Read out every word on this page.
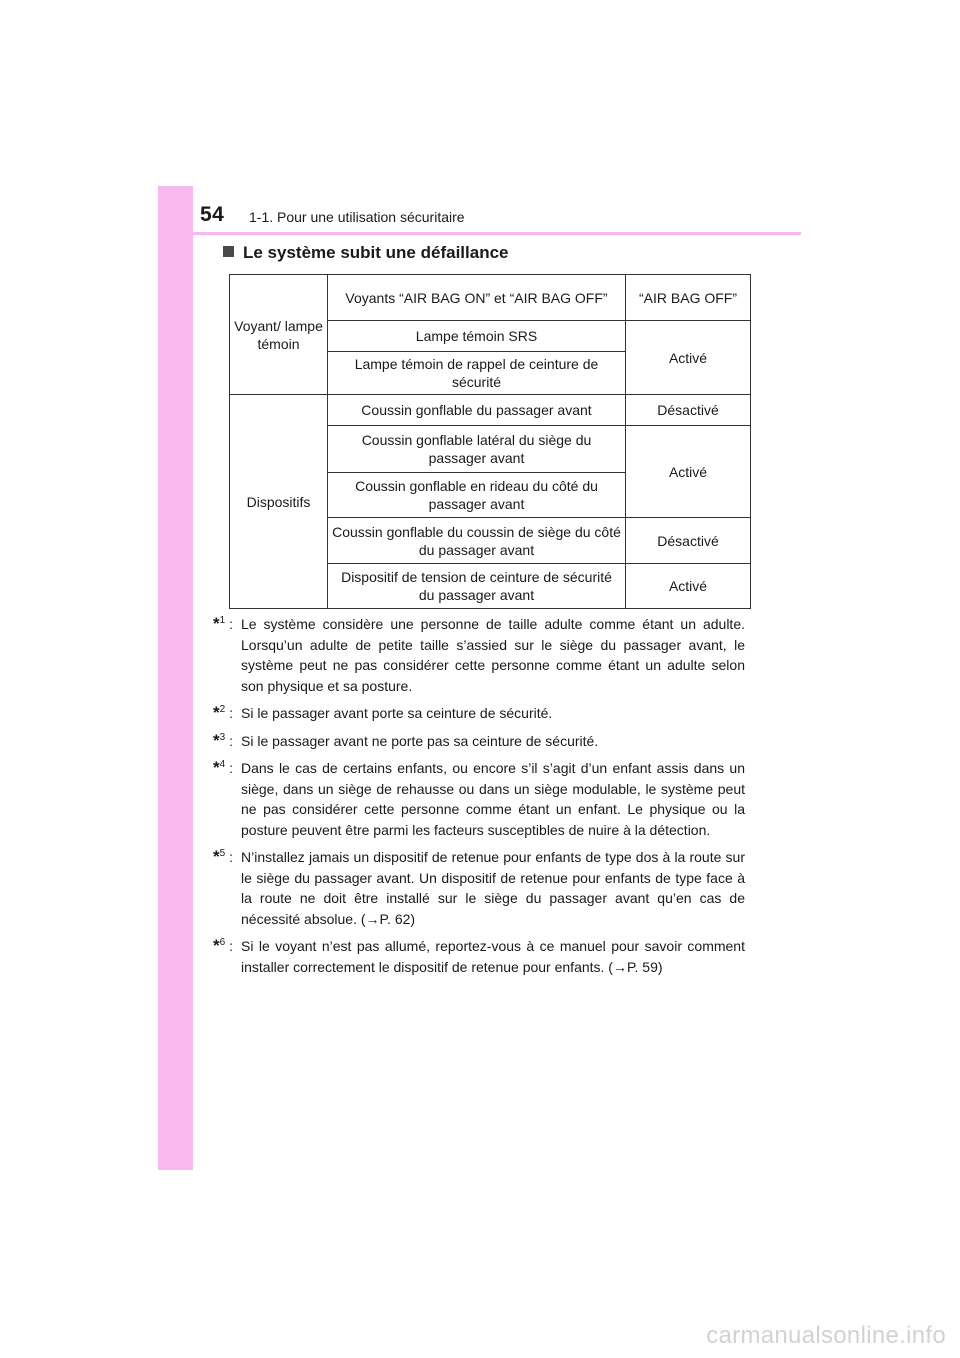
54 1-1. Pour une utilisation sécuritaire
Le système subit une défaillance
Voyant/ lampe témoin	Voyants “AIR BAG ON” et “AIR BAG OFF”	“AIR BAG OFF”
	Lampe témoin SRS	Activé
	Lampe témoin de rappel de ceinture de sécurité	
Dispositifs	Coussin gonflable du passager avant	Désactivé
	Coussin gonflable latéral du siège du passager avant	Activé
	Coussin gonflable en rideau du côté du passager avant	
	Coussin gonflable du coussin de siège du côté du passager avant	Désactivé
	Dispositif de tension de ceinture de sécurité du passager avant	Activé
*$^1$ : Le système considère une personne de taille adulte comme étant un adulte. Lorsqu’un adulte de petite taille s’assied sur le siège du passager avant, le système peut ne pas considérer cette personne comme étant un adulte selon son physique et sa posture.
*$^2$ : Si le passager avant porte sa ceinture de sécurité.
*$^3$ : Si le passager avant ne porte pas sa ceinture de sécurité.
*$^4$ : Dans le cas de certains enfants, ou encore s’il s’agit d’un enfant assis dans un siège, dans un siège de rehausse ou dans un siège modulable, le système peut ne pas considérer cette personne comme étant un enfant. Le physique ou la posture peuvent être parmi les facteurs susceptibles de nuire à la détection.
*$^5$ : N’installez jamais un dispositif de retenue pour enfants de type dos à la route sur le siège du passager avant. Un dispositif de retenue pour enfants de type face à la route ne doit être installé sur le siège du passager avant qu’en cas de nécessité absolue. (→P. 62)
*$^6$ : Si le voyant n’est pas allumé, reportez-vous à ce manuel pour savoir comment installer correctement le dispositif de retenue pour enfants. (→P. 59)
carmanualsonline.info
